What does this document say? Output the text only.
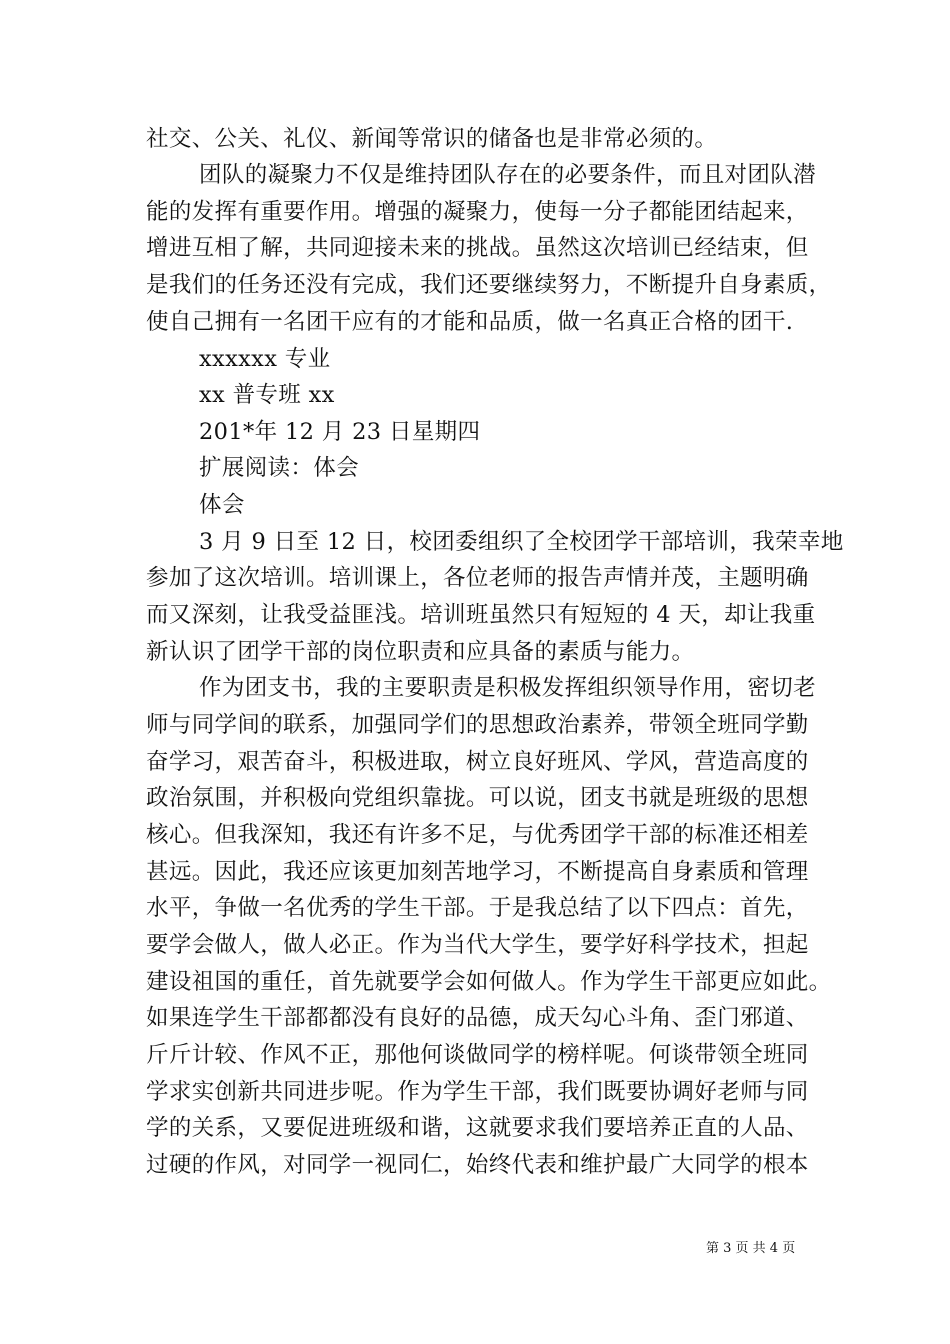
社交、公关、礼仪、新闻等常识的储备也是非常必须的。
团队的凝聚力不仅是维持团队存在的必要条件，而且对团队潜
能的发挥有重要作用。增强的凝聚力，使每一分子都能团结起来，
增进互相了解，共同迎接未来的挑战。虽然这次培训已经结束，但
是我们的任务还没有完成，我们还要继续努力，不断提升自身素质，
使自己拥有一名团干应有的才能和品质，做一名真正合格的团干.
xxxxxx 专业
xx 普专班 xx
201*年 12 月 23 日星期四
扩展阅读：体会
体会
3 月 9 日至 12 日，校团委组织了全校团学干部培训，我荣幸地
参加了这次培训。培训课上，各位老师的报告声情并茂，主题明确
而又深刻，让我受益匪浅。培训班虽然只有短短的 4 天，却让我重
新认识了团学干部的岗位职责和应具备的素质与能力。
作为团支书，我的主要职责是积极发挥组织领导作用，密切老
师与同学间的联系，加强同学们的思想政治素养，带领全班同学勤
奋学习，艰苦奋斗，积极进取，树立良好班风、学风，营造高度的
政治氛围，并积极向党组织靠拢。可以说，团支书就是班级的思想
核心。但我深知，我还有许多不足，与优秀团学干部的标准还相差
甚远。因此，我还应该更加刻苦地学习，不断提高自身素质和管理
水平，争做一名优秀的学生干部。于是我总结了以下四点：首先，
要学会做人，做人必正。作为当代大学生，要学好科学技术，担起
建设祖国的重任，首先就要学会如何做人。作为学生干部更应如此。
如果连学生干部都都没有良好的品德，成天勾心斗角、歪门邪道、
斤斤计较、作风不正，那他何谈做同学的榜样呢。何谈带领全班同
学求实创新共同进步呢。作为学生干部，我们既要协调好老师与同
学的关系，又要促进班级和谐，这就要求我们要培养正直的人品、
过硬的作风，对同学一视同仁，始终代表和维护最广大同学的根本
第 3 页 共 4 页
